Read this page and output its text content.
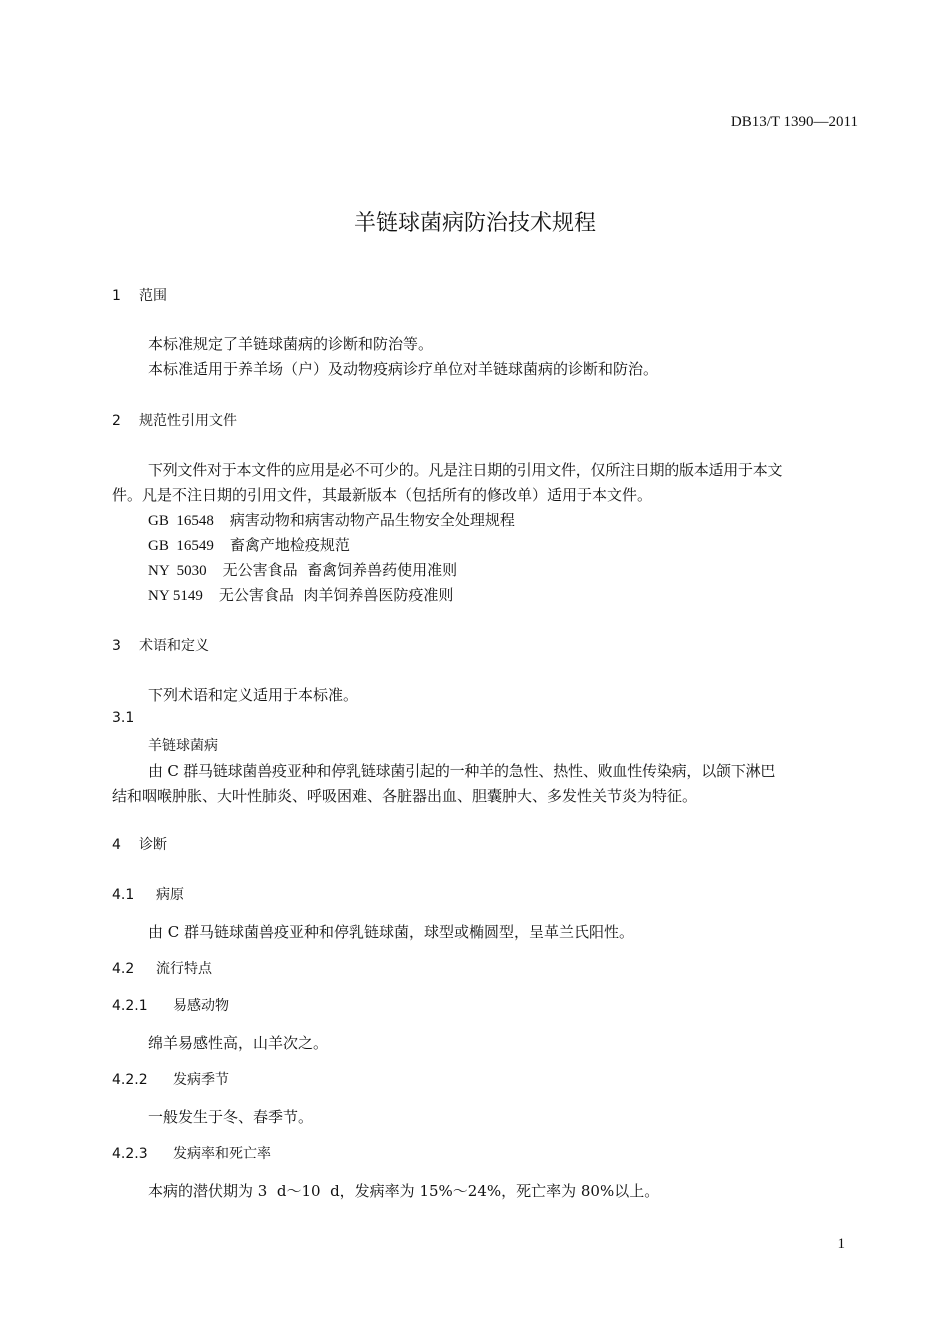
DB13/T 1390—2011
羊链球菌病防治技术规程
1 范围
本标准规定了羊链球菌病的诊断和防治等。
本标准适用于养羊场（户）及动物疫病诊疗单位对羊链球菌病的诊断和防治。
2 规范性引用文件
下列文件对于本文件的应用是必不可少的。凡是注日期的引用文件，仅所注日期的版本适用于本文
件。凡是不注日期的引用文件，其最新版本（包括所有的修改单）适用于本文件。
GB  16548 病害动物和病害动物产品生物安全处理规程
GB  16549 畜禽产地检疫规范
NY  5030 无公害食品  畜禽饲养兽药使用准则
NY 5149 无公害食品  肉羊饲养兽医防疫准则
3 术语和定义
下列术语和定义适用于本标准。
3.1
羊链球菌病
由 C 群马链球菌兽疫亚种和停乳链球菌引起的一种羊的急性、热性、败血性传染病，以颌下淋巴
结和咽喉肿胀、大叶性肺炎、呼吸困难、各脏器出血、胆囊肿大、多发性关节炎为特征。
4 诊断
4.1 病原
由 C 群马链球菌兽疫亚种和停乳链球菌，球型或椭圆型，呈革兰氏阳性。
4.2 流行特点
4.2.1 易感动物
绵羊易感性高，山羊次之。
4.2.2 发病季节
一般发生于冬、春季节。
4.2.3 发病率和死亡率
本病的潜伏期为 3  d～10  d，发病率为 15%～24%，死亡率为 80%以上。
1
